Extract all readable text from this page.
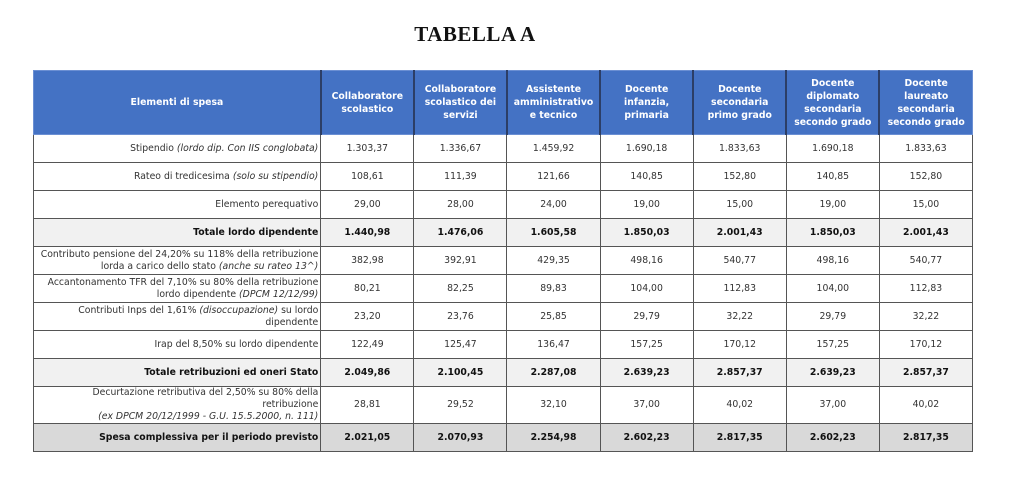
TABELLA A
Elementi di spesa	Collaboratore scolastico	Collaboratore scolastico dei servizi	Assistente amministrativo e tecnico	Docente infanzia, primaria	Docente secondaria primo grado	Docente diplomato secondaria secondo grado	Docente laureato secondaria secondo grado
Stipendio (lordo dip. Con IIS conglobata)	1.303,37	1.336,67	1.459,92	1.690,18	1.833,63	1.690,18	1.833,63
Rateo di tredicesima (solo su stipendio)	108,61	111,39	121,66	140,85	152,80	140,85	152,80
Elemento perequativo	29,00	28,00	24,00	19,00	15,00	19,00	15,00
Totale lordo dipendente	1.440,98	1.476,06	1.605,58	1.850,03	2.001,43	1.850,03	2.001,43
Contributo pensione del 24,20% su 118% della retribuzione
lorda a carico dello stato (anche su rateo 13^)	382,98	392,91	429,35	498,16	540,77	498,16	540,77
Accantonamento TFR del 7,10% su 80% della retribuzione
lordo dipendente (DPCM 12/12/99)	80,21	82,25	89,83	104,00	112,83	104,00	112,83
Contributi Inps del 1,61% (disoccupazione) su lordo
dipendente	23,20	23,76	25,85	29,79	32,22	29,79	32,22
Irap del 8,50% su lordo dipendente	122,49	125,47	136,47	157,25	170,12	157,25	170,12
Totale retribuzioni ed oneri Stato	2.049,86	2.100,45	2.287,08	2.639,23	2.857,37	2.639,23	2.857,37
Decurtazione retributiva del 2,50% su 80% della retribuzione
(ex DPCM 20/12/1999 - G.U. 15.5.2000, n. 111)	28,81	29,52	32,10	37,00	40,02	37,00	40,02
Spesa complessiva per il periodo previsto	2.021,05	2.070,93	2.254,98	2.602,23	2.817,35	2.602,23	2.817,35
